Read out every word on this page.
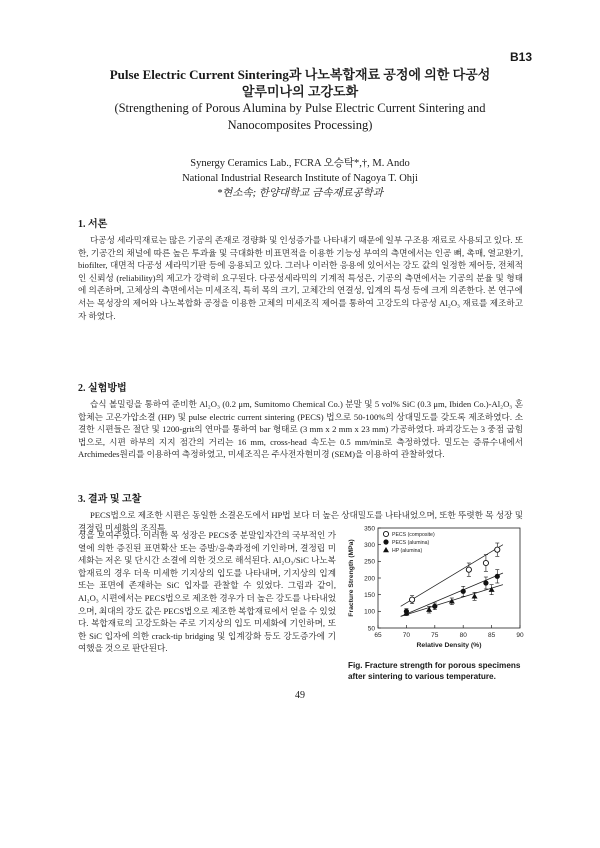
B13
Pulse Electric Current Sintering과 나노복합재료 공정에 의한 다공성
알루미나의 고강도화
(Strengthening of Porous Alumina by Pulse Electric Current Sintering and
Nanocomposites Processing)
Synergy Ceramics Lab., FCRA 오승탁*,†, M. Ando
National Industrial Research Institute of Nagoya T. Ohji
*현소속; 한양대학교 금속재료공학과
1. 서론

다공성 세라믹재료는 많은 기공의 존재로 경량화 및 인성증가를 나타내기 때문에 일부 구조용 재료로 사용되고 있다. 또한, 기공간의 채널에 따른 높은 투과율 및 극대화한 비표면적을 이용한 기능성 부여의 측면에서는 인공 뼈, 촉매, 열교환기, biofilter, 대면적 다공성 세라믹기판 등에 응용되고 있다. 그러나 이러한 응용에 있어서는 강도 값의 일정한 제어등, 전체적인 신뢰성 (reliability)의 제고가 강력히 요구된다. 다공성세라믹의 기계적 특성은, 기공의 측면에서는 기공의 분율 및 형태에 의존하며, 고체상의 측면에서는 미세조직, 특히 목의 크기, 고체간의 연결성, 입계의 특성 등에 크게 의존한다. 본 연구에서는 목성장의 제어와 나노복합화 공정을 이용한 고체의 미세조직 제어를 통하여 고강도의 다공성 Al₂O₃ 재료를 제조하고자 하였다.

2. 실험방법

습식 볼밀링을 통하여 준비한 Al₂O₃ (0.2 μm, Sumitomo Chemical Co.) 분말 및 5 vol% SiC (0.3 μm, Ibiden Co.)-Al₂O₃ 혼합체는 고온가압소결 (HP) 및 pulse electric current sintering (PECS) 법으로 50-100%의 상대밀도를 갖도록 제조하였다. 소결한 시편들은 절단 및 1200-grit의 연마를 통하여 bar 형태로 (3 mm x 2 mm x 23 mm) 가공하였다. 파괴강도는 3 중점 굽힘 법으로, 시편 하부의 지지 점간의 거리는 16 mm, cross-head 속도는 0.5 mm/min로 측정하였다. 밀도는 증류수내에서 Archimedes원리를 이용하여 측정하였고, 미세조직은 주사전자현미경 (SEM)을 이용하여 관찰하였다.

3. 결과 및 고찰

PECS법으로 제조한 시편은 동일한 소결온도에서 HP법 보다 더 높은 상대밀도를 나타내었으며, 또한 뚜렷한 목 성장 및 결정립 미세화의 조직특

성을 보여주었다. 이러한 목 성장은 PECS중 분말입자간의 국부적인 가열에 의한 증진된 표면확산 또는 증발/응축과정에 기인하며, 결정립 미세화는 저온 및 단시간 소결에 의한 것으로 해석된다. Al₂O₃/SiC 나노복합재료의 경우 더욱 미세한 기지상의 입도를 나타내며, 기지상의 입계 또는 표면에 존재하는 SiC 입자를 관찰할 수 있었다. 그림과 같이, Al₂O₃ 시편에서는 PECS법으로 제조한 경우가 더 높은 강도를 나타내었으며, 최대의 강도 값은 PECS법으로 제조한 복합재료에서 얻을 수 있었다. 복합재료의 고강도화는 주로 기지상의 입도 미세화에 기인하며, 또한 SiC 입자에 의한 crack-tip bridging 및 입계강화 등도 강도증가에 기여했을 것으로 판단된다.

65	70	75	80	85	90
50
100
150
200
250
300
350
Relative Density (%)
Fracture Strength (MPa)
PECS (composite)
PECS (alumina)
HP (alumina)
Fig. Fracture strength for porous specimens after sintering to various temperature.
49
